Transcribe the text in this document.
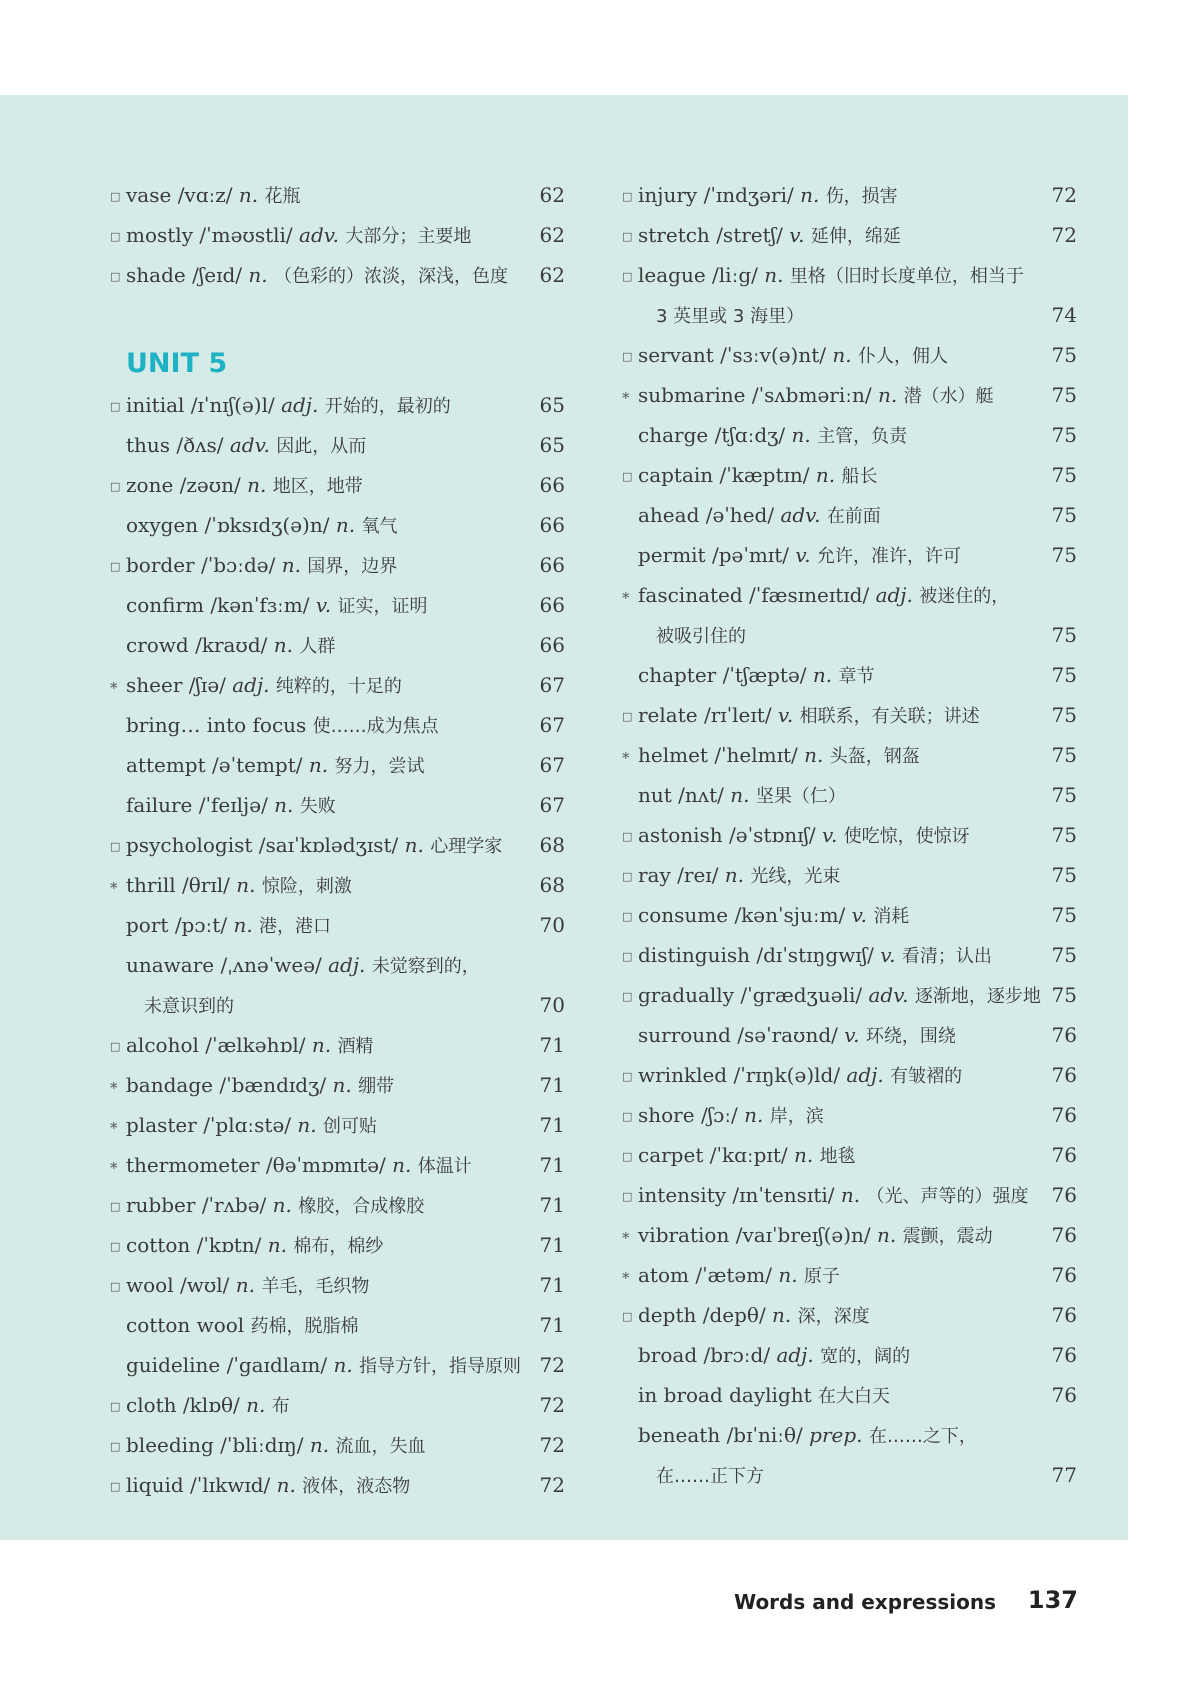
□ vase /vɑːz/ n. 花瓶	62
□ mostly /ˈməʊstli/ adv. 大部分；主要地	62
□ shade /ʃeɪd/ n. （色彩的）浓淡，深浅，色度 62
UNIT 5
□ initial /ɪˈnɪʃ(ə)l/ adj. 开始的，最初的	65
thus /ðʌs/ adv. 因此，从而	65
□ zone /zəʊn/ n. 地区，地带	66
oxygen /ˈɒksɪdʒ(ə)n/ n. 氧气	66
□ border /ˈbɔːdə/ n. 国界，边界	66
confirm /kənˈfɜːm/ v. 证实，证明	66
crowd /kraʊd/ n. 人群	66
* sheer /ʃɪə/ adj. 纯粹的，十足的	67
bring… into focus 使……成为焦点	67
attempt /əˈtempt/ n. 努力，尝试	67
failure /ˈfeɪljə/ n. 失败	67
□ psychologist /saɪˈkɒlədʒɪst/ n. 心理学家 68
* thrill /θrɪl/ n. 惊险，刺激	68
port /pɔːt/ n. 港，港口	70
unaware /ˌʌnəˈweə/ adj. 未觉察到的，
未意识到的	70
□ alcohol /ˈælkəhɒl/ n. 酒精	71
* bandage /ˈbændɪdʒ/ n. 绷带	71
* plaster /ˈplɑːstə/ n. 创可贴	71
* thermometer /θəˈmɒmɪtə/ n. 体温计	71
□ rubber /ˈrʌbə/ n. 橡胶，合成橡胶	71
□ cotton /ˈkɒtn/ n. 棉布，棉纱	71
□ wool /wʊl/ n. 羊毛，毛织物	71
cotton wool 药棉，脱脂棉	71
guideline /ˈgaɪdlaɪn/ n. 指导方针，指导原则 72
□ cloth /klɒθ/ n. 布	72
□ bleeding /ˈbliːdɪŋ/ n. 流血，失血	72
□ liquid /ˈlɪkwɪd/ n. 液体，液态物	72
□ injury /ˈɪndʒəri/ n. 伤，损害	72
□ stretch /stretʃ/ v. 延伸，绵延	72
□ league /liːg/ n. 里格（旧时长度单位，相当于
3 英里或 3 海里）	74
□ servant /ˈsɜːv(ə)nt/ n. 仆人，佣人	75
* submarine /ˈsʌbməriːn/ n. 潜（水）艇	75
charge /tʃɑːdʒ/ n. 主管，负责	75
□ captain /ˈkæptɪn/ n. 船长	75
ahead /əˈhed/ adv. 在前面	75
permit /pəˈmɪt/ v. 允许，准许，许可	75
* fascinated /ˈfæsɪneɪtɪd/ adj. 被迷住的，
被吸引住的	75
chapter /ˈtʃæptə/ n. 章节	75
□ relate /rɪˈleɪt/ v. 相联系，有关联；讲述	75
* helmet /ˈhelmɪt/ n. 头盔，钢盔	75
nut /nʌt/ n. 坚果（仁）	75
□ astonish /əˈstɒnɪʃ/ v. 使吃惊，使惊讶	75
□ ray /reɪ/ n. 光线，光束	75
□ consume /kənˈsjuːm/ v. 消耗	75
□ distinguish /dɪˈstɪŋgwɪʃ/ v. 看清；认出	75
□ gradually /ˈgrædʒuəli/ adv. 逐渐地，逐步地 75
surround /səˈraʊnd/ v. 环绕，围绕	76
□ wrinkled /ˈrɪŋk(ə)ld/ adj. 有皱褶的	76
□ shore /ʃɔː/ n. 岸，滨	76
□ carpet /ˈkɑːpɪt/ n. 地毯	76
□ intensity /ɪnˈtensɪti/ n. （光、声等的）强度 76
* vibration /vaɪˈbreɪʃ(ə)n/ n. 震颤，震动	76
* atom /ˈætəm/ n. 原子	76
□ depth /depθ/ n. 深，深度	76
broad /brɔːd/ adj. 宽的，阔的	76
in broad daylight 在大白天	76
beneath /bɪˈniːθ/ prep. 在……之下，
在……正下方	77
Words and expressions 137
